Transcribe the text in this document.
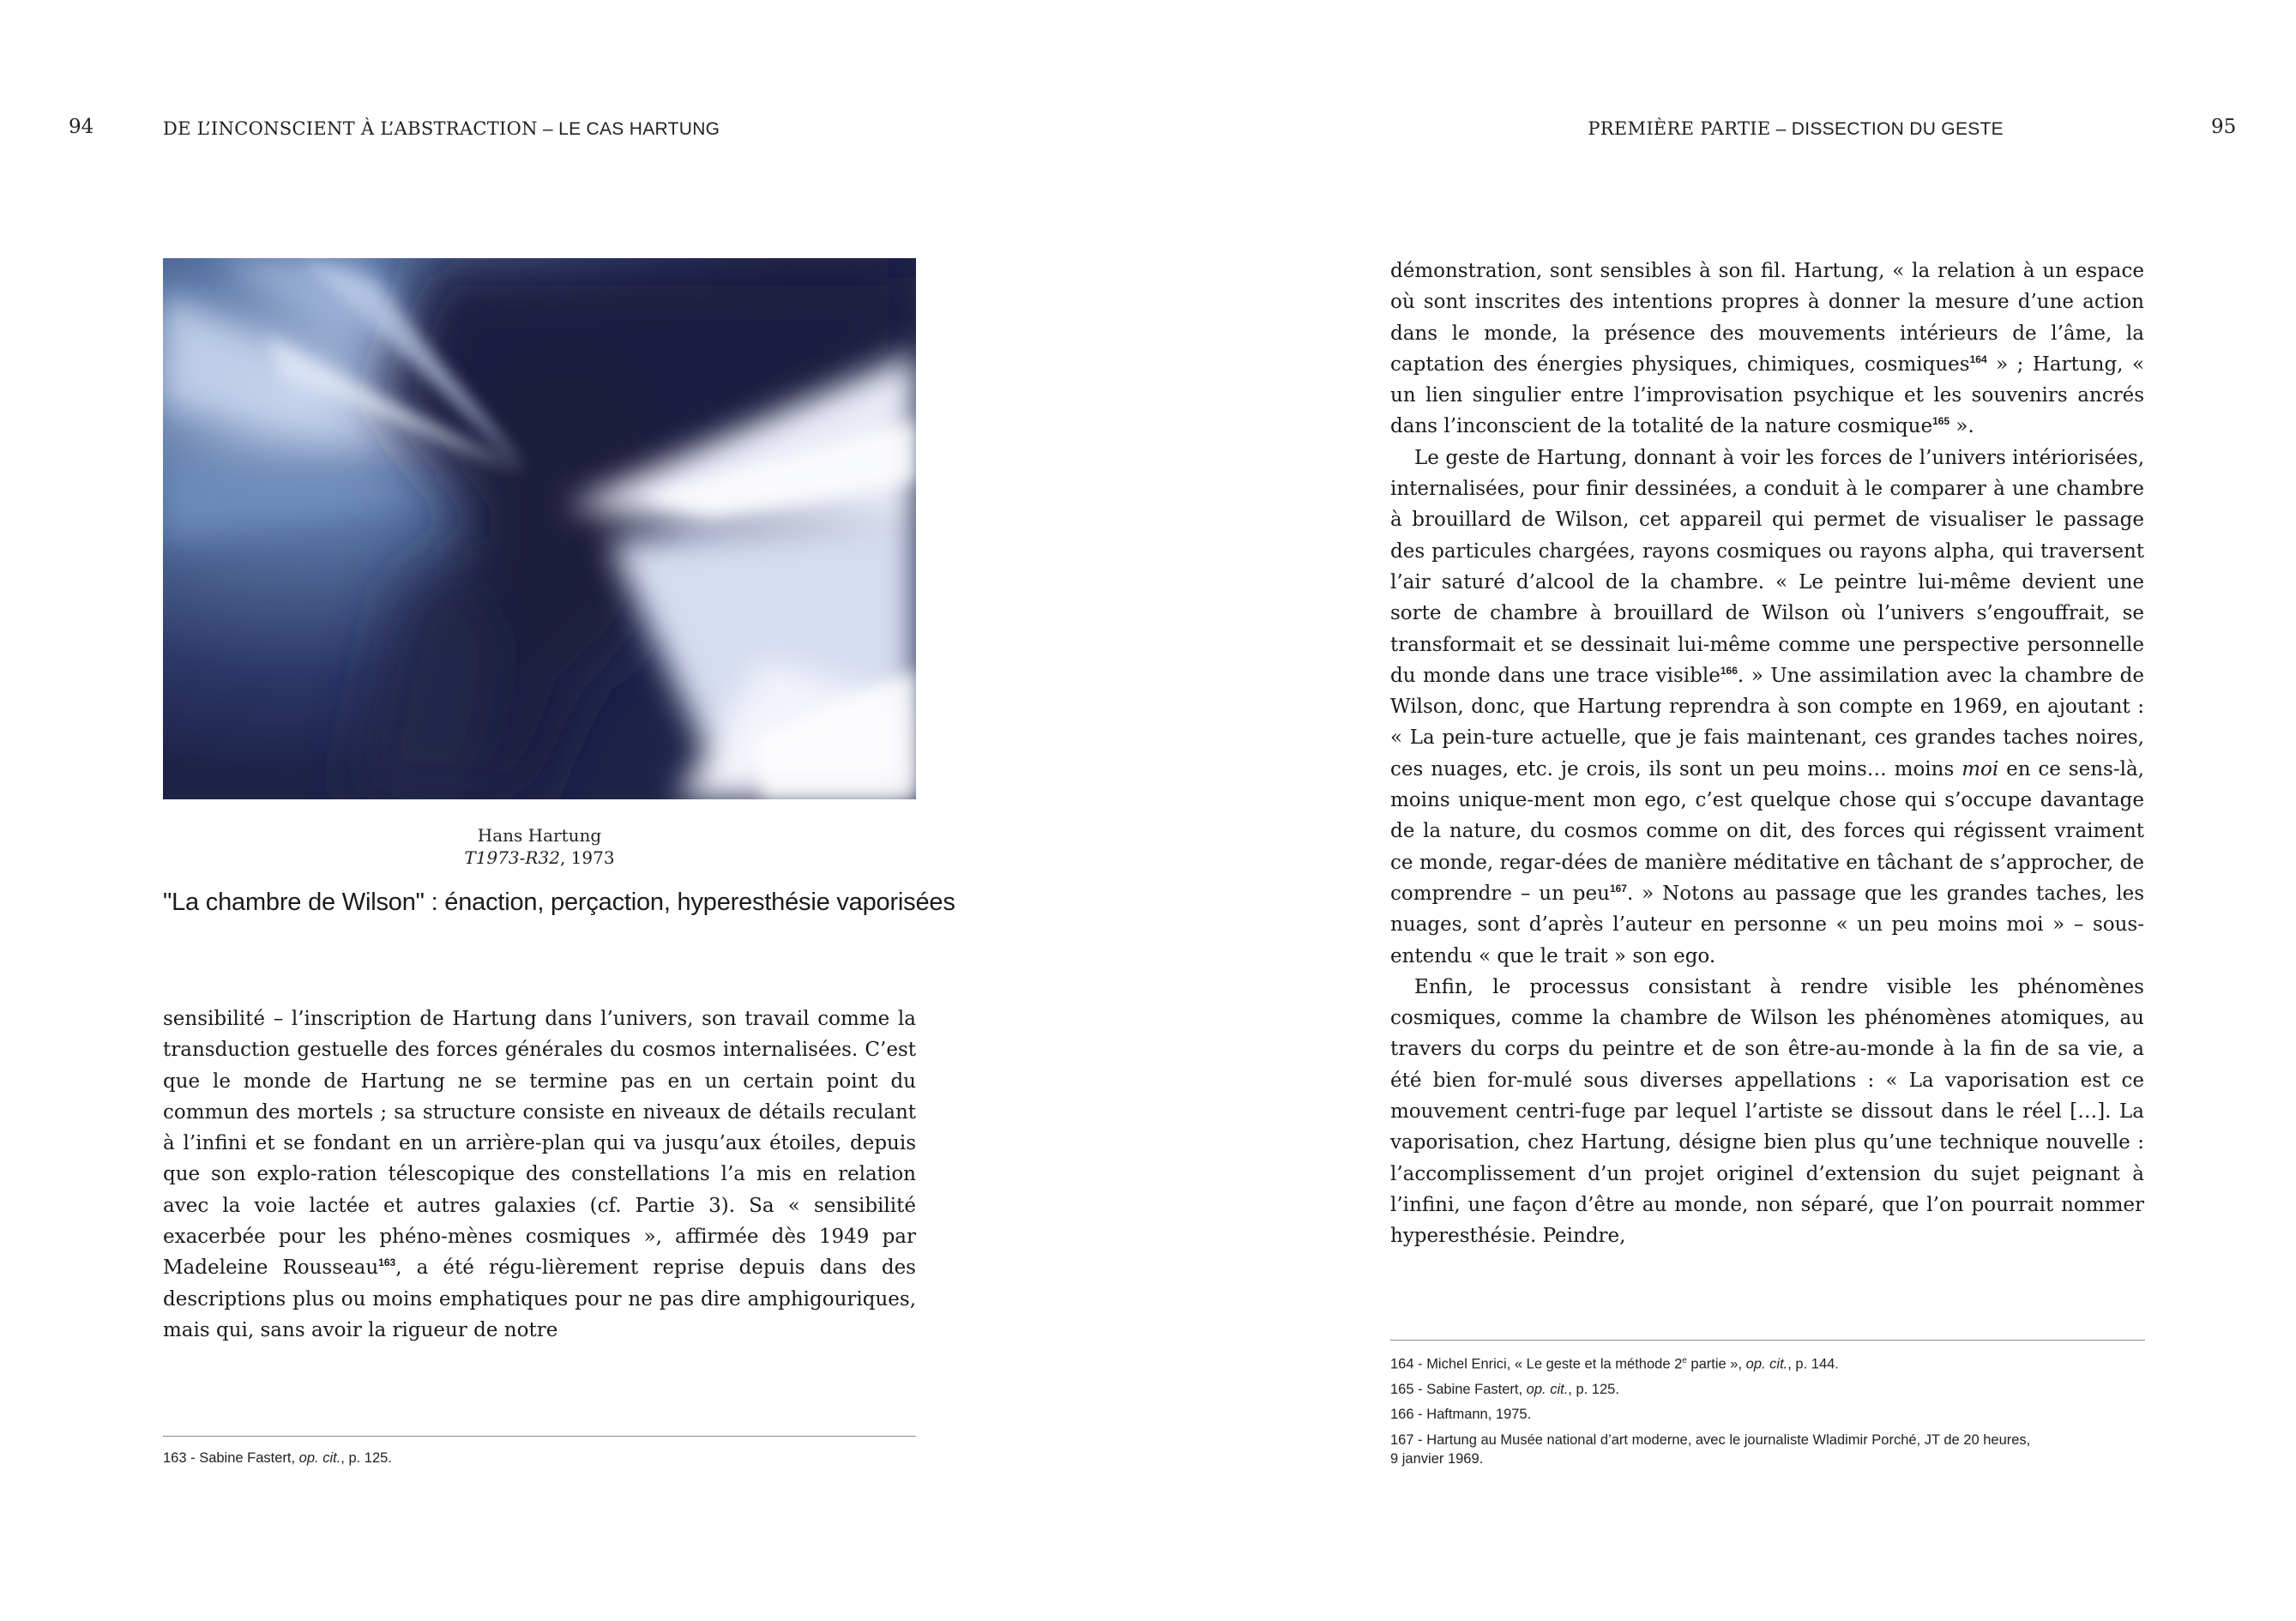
94	DE L’INCONSCIENT À L’ABSTRACTION – LE CAS HARTUNG
Hans Hartung
T1973-R32, 1973
"La chambre de Wilson" : énaction, perçaction, hyperesthésie vaporisées

sensibilité – l’inscription de Hartung dans l’univers, son travail comme la transduction gestuelle des forces générales du cosmos internalisées. C’est que le monde de Hartung ne se termine pas en un certain point du commun des mortels ; sa structure consiste en niveaux de détails reculant à l’infini et se fondant en un arrière-plan qui va jusqu’aux étoiles, depuis que son explo-ration télescopique des constellations l’a mis en relation avec la voie lactée et autres galaxies (cf. Partie 3). Sa « sensibilité exacerbée pour les phéno-mènes cosmiques », affirmée dès 1949 par Madeleine Rousseau$^{163}$, a été régu-lièrement reprise depuis dans des descriptions plus ou moins emphatiques pour ne pas dire amphigouriques, mais qui, sans avoir la rigueur de notre

163 - Sabine Fastert, op. cit., p. 125.
PREMIÈRE PARTIE – DISSECTION DU GESTE	95

démonstration, sont sensibles à son fil. Hartung, « la relation à un espace où sont inscrites des intentions propres à donner la mesure d’une action dans le monde, la présence des mouvements intérieurs de l’âme, la captation des énergies physiques, chimiques, cosmiques$^{164}$ » ; Hartung, « un lien singulier entre l’improvisation psychique et les souvenirs ancrés dans l’inconscient de la totalité de la nature cosmique$^{165}$ ».

Le geste de Hartung, donnant à voir les forces de l’univers intériorisées, internalisées, pour finir dessinées, a conduit à le comparer à une chambre à brouillard de Wilson, cet appareil qui permet de visualiser le passage des particules chargées, rayons cosmiques ou rayons alpha, qui traversent l’air saturé d’alcool de la chambre. « Le peintre lui-même devient une sorte de chambre à brouillard de Wilson où l’univers s’engouffrait, se transformait et se dessinait lui-même comme une perspective personnelle du monde dans une trace visible$^{166}$. » Une assimilation avec la chambre de Wilson, donc, que Hartung reprendra à son compte en 1969, en ajoutant : « La pein-ture actuelle, que je fais maintenant, ces grandes taches noires, ces nuages, etc. je crois, ils sont un peu moins… moins moi en ce sens-là, moins unique-ment mon ego, c’est quelque chose qui s’occupe davantage de la nature, du cosmos comme on dit, des forces qui régissent vraiment ce monde, regar-dées de manière méditative en tâchant de s’approcher, de comprendre – un peu$^{167}$. » Notons au passage que les grandes taches, les nuages, sont d’après l’auteur en personne « un peu moins moi » – sous-entendu « que le trait » son ego.

Enfin, le processus consistant à rendre visible les phénomènes cosmiques, comme la chambre de Wilson les phénomènes atomiques, au travers du corps du peintre et de son être-au-monde à la fin de sa vie, a été bien for-mulé sous diverses appellations : « La vaporisation est ce mouvement centri-fuge par lequel l’artiste se dissout dans le réel […]. La vaporisation, chez Hartung, désigne bien plus qu’une technique nouvelle : l’accomplissement d’un projet originel d’extension du sujet peignant à l’infini, une façon d’être au monde, non séparé, que l’on pourrait nommer hyperesthésie. Peindre,

164 - Michel Enrici, « Le geste et la méthode 2e partie », op. cit., p. 144.
165 - Sabine Fastert, op. cit., p. 125.
166 - Haftmann, 1975.
167 - Hartung au Musée national d’art moderne, avec le journaliste Wladimir Porché, JT de 20 heures,
9 janvier 1969.
